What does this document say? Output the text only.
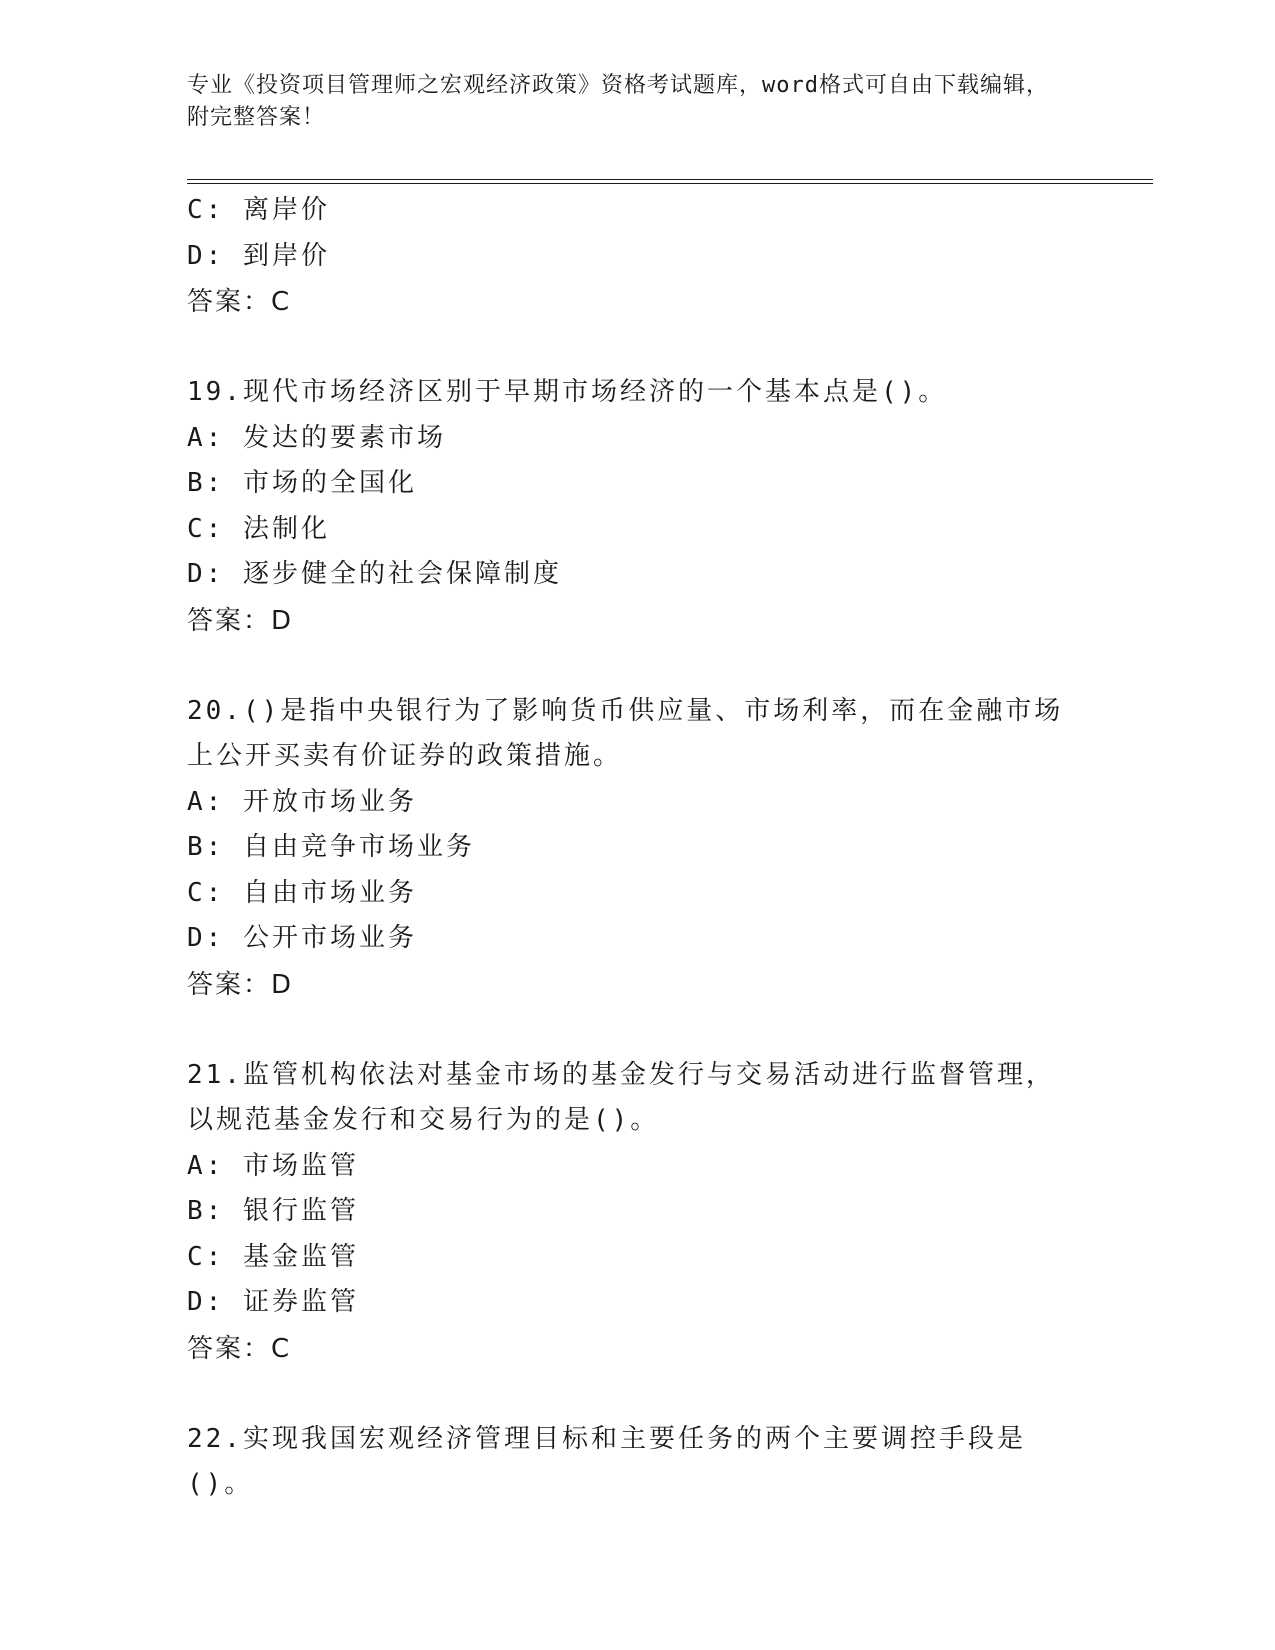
专业《投资项目管理师之宏观经济政策》资格考试题库，word格式可自由下载编辑，附完整答案！

C: 离岸价

D: 到岸价

答案：C

19.现代市场经济区别于早期市场经济的一个基本点是()。

A: 发达的要素市场

B: 市场的全国化

C: 法制化

D: 逐步健全的社会保障制度

答案：D

20.()是指中央银行为了影响货币供应量、市场利率，而在金融市场上公开买卖有价证券的政策措施。

A: 开放市场业务

B: 自由竞争市场业务

C: 自由市场业务

D: 公开市场业务

答案：D

21.监管机构依法对基金市场的基金发行与交易活动进行监督管理，以规范基金发行和交易行为的是()。

A: 市场监管

B: 银行监管

C: 基金监管

D: 证券监管

答案：C

22.实现我国宏观经济管理目标和主要任务的两个主要调控手段是()。
